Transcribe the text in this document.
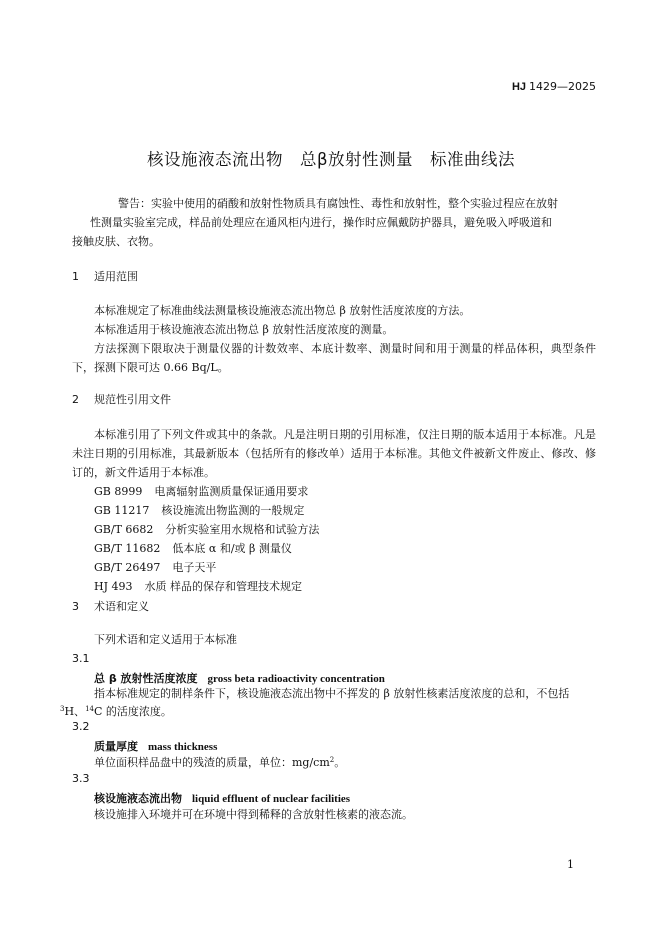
HJ 1429—2025
核设施液态流出物　总β放射性测量　标准曲线法
警告：实验中使用的硝酸和放射性物质具有腐蚀性、毒性和放射性，整个实验过程应在放射
性测量实验室完成，样品前处理应在通风柜内进行，操作时应佩戴防护器具，避免吸入呼吸道和
接触皮肤、衣物。
1 适用范围
本标准规定了标准曲线法测量核设施液态流出物总 β 放射性活度浓度的方法。
本标准适用于核设施液态流出物总 β 放射性活度浓度的测量。
方法探测下限取决于测量仪器的计数效率、本底计数率、测量时间和用于测量的样品体积，典型条件下，探测下限可达 0.66 Bq/L。
2 规范性引用文件
本标准引用了下列文件或其中的条款。凡是注明日期的引用标准，仅注日期的版本适用于本标准。凡是未注日期的引用标准，其最新版本（包括所有的修改单）适用于本标准。其他文件被新文件废止、修改、修订的，新文件适用于本标准。
GB 8999 电离辐射监测质量保证通用要求
GB 11217 核设施流出物监测的一般规定
GB/T 6682 分析实验室用水规格和试验方法
GB/T 11682 低本底 α 和/或 β 测量仪
GB/T 26497 电子天平
HJ 493 水质 样品的保存和管理技术规定
3 术语和定义
下列术语和定义适用于本标准
3.1
总 β 放射性活度浓度 gross beta radioactivity concentration
指本标准规定的制样条件下，核设施液态流出物中不挥发的 β 放射性核素活度浓度的总和，不包括
$^3$H、$^{14}$C 的活度浓度。
3.2
质量厚度 mass thickness
单位面积样品盘中的残渣的质量，单位：$mg/cm^2$。
3.3
核设施液态流出物 liquid effluent of nuclear facilities
核设施排入环境并可在环境中得到稀释的含放射性核素的液态流。
1
